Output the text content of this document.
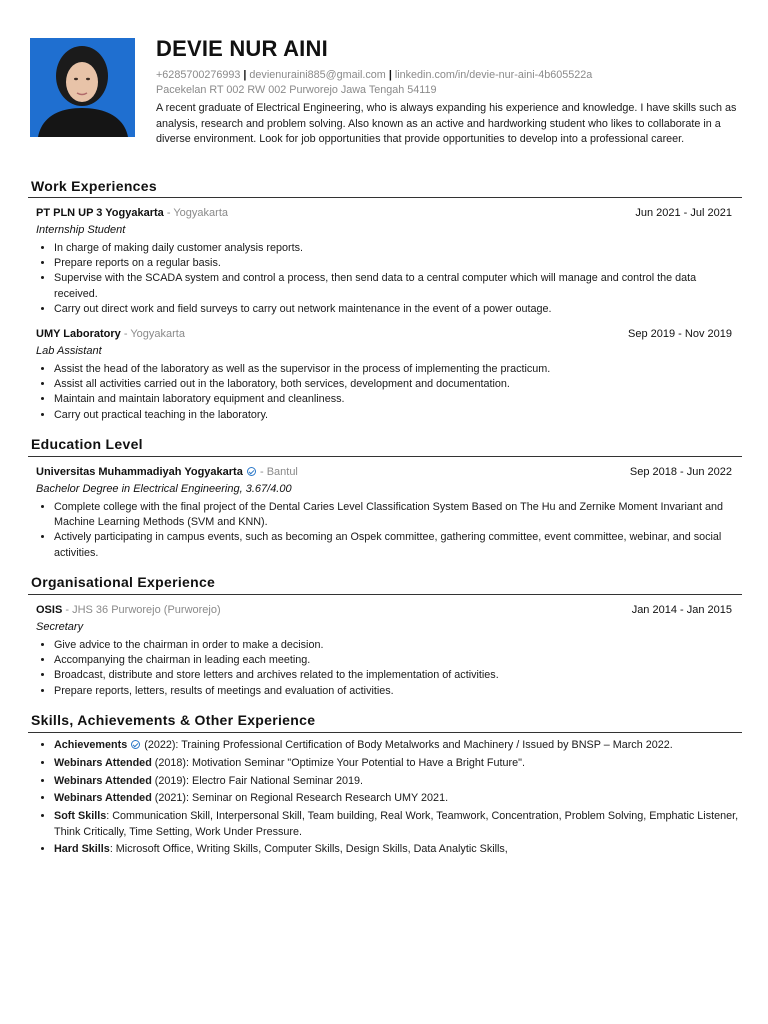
DEVIE NUR AINI
+6285700276993 | devienuraini885@gmail.com | linkedin.com/in/devie-nur-aini-4b605522a
Pacekelan RT 002 RW 002 Purworejo Jawa Tengah 54119
A recent graduate of Electrical Engineering, who is always expanding his experience and knowledge. I have skills such as analysis, research and problem solving. Also known as an active and hardworking student who likes to collaborate in a diverse environment. Look for job opportunities that provide opportunities to develop into a professional career.
Work Experiences
PT PLN UP 3 Yogyakarta - Yogyakarta	Jun 2021 - Jul 2021
Internship Student
• In charge of making daily customer analysis reports.
• Prepare reports on a regular basis.
• Supervise with the SCADA system and control a process, then send data to a central computer which will manage and control the data received.
• Carry out direct work and field surveys to carry out network maintenance in the event of a power outage.
UMY Laboratory - Yogyakarta	Sep 2019 - Nov 2019
Lab Assistant
• Assist the head of the laboratory as well as the supervisor in the process of implementing the practicum.
• Assist all activities carried out in the laboratory, both services, development and documentation.
• Maintain and maintain laboratory equipment and cleanliness.
• Carry out practical teaching in the laboratory.
Education Level
Universitas Muhammadiyah Yogyakarta  - Bantul	Sep 2018 - Jun 2022
Bachelor Degree in Electrical Engineering, 3.67/4.00
• Complete college with the final project of the Dental Caries Level Classification System Based on The Hu and Zernike Moment Invariant and Machine Learning Methods (SVM and KNN).
• Actively participating in campus events, such as becoming an Ospek committee, gathering committee, event committee, webinar, and social activities.
Organisational Experience
OSIS - JHS 36 Purworejo (Purworejo)	Jan 2014 - Jan 2015
Secretary
• Give advice to the chairman in order to make a decision.
• Accompanying the chairman in leading each meeting.
• Broadcast, distribute and store letters and archives related to the implementation of activities.
• Prepare reports, letters, results of meetings and evaluation of activities.
Skills, Achievements & Other Experience
• Achievements (2022): Training Professional Certification of Body Metalworks and Machinery / Issued by BNSP – March 2022.
• Webinars Attended (2018): Motivation Seminar "Optimize Your Potential to Have a Bright Future".
• Webinars Attended (2019): Electro Fair National Seminar 2019.
• Webinars Attended (2021): Seminar on Regional Research Research UMY 2021.
• Soft Skills: Communication Skill, Interpersonal Skill, Team building, Real Work, Teamwork, Concentration, Problem Solving, Emphatic Listener, Think Critically, Time Setting, Work Under Pressure.
• Hard Skills: Microsoft Office, Writing Skills, Computer Skills, Design Skills, Data Analytic Skills,
